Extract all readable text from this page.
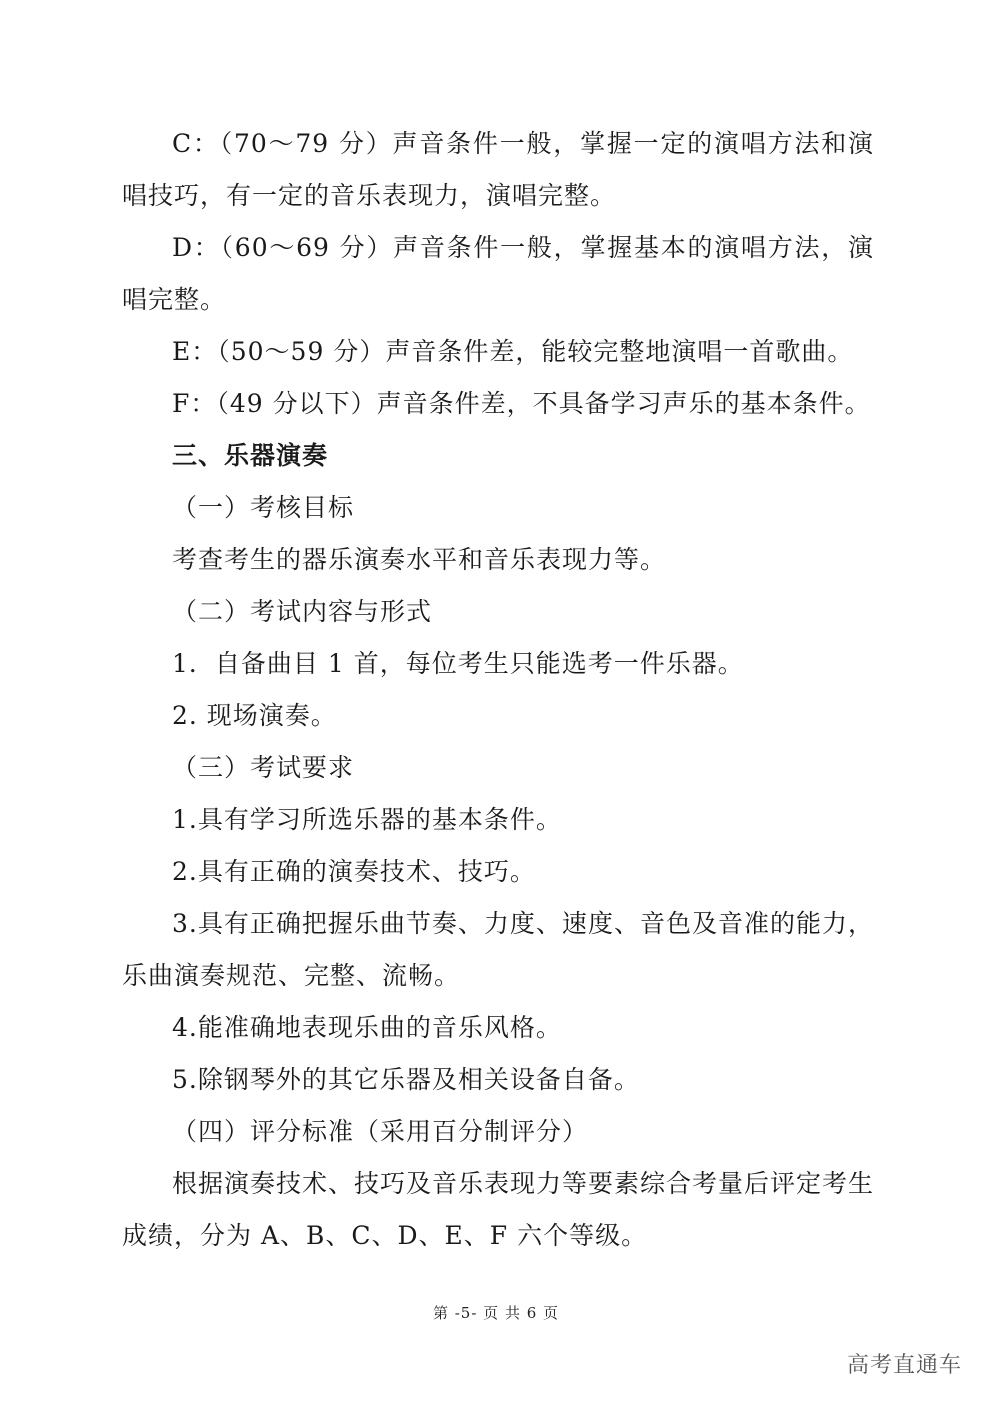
C：（70～79 分）声音条件一般，掌握一定的演唱方法和演唱技巧，有一定的音乐表现力，演唱完整。

D：（60～69 分）声音条件一般，掌握基本的演唱方法，演唱完整。

E：（50～59 分）声音条件差，能较完整地演唱一首歌曲。

F：（49 分以下）声音条件差，不具备学习声乐的基本条件。

三、乐器演奏

（一）考核目标

考查考生的器乐演奏水平和音乐表现力等。

（二）考试内容与形式

1．自备曲目 1 首，每位考生只能选考一件乐器。

2. 现场演奏。

（三）考试要求

1.具有学习所选乐器的基本条件。

2.具有正确的演奏技术、技巧。

3.具有正确把握乐曲节奏、力度、速度、音色及音准的能力，乐曲演奏规范、完整、流畅。

4.能准确地表现乐曲的音乐风格。

5.除钢琴外的其它乐器及相关设备自备。

（四）评分标准（采用百分制评分）

根据演奏技术、技巧及音乐表现力等要素综合考量后评定考生成绩，分为 A、B、C、D、E、F 六个等级。

第 -5- 页 共 6 页
高考直通车
